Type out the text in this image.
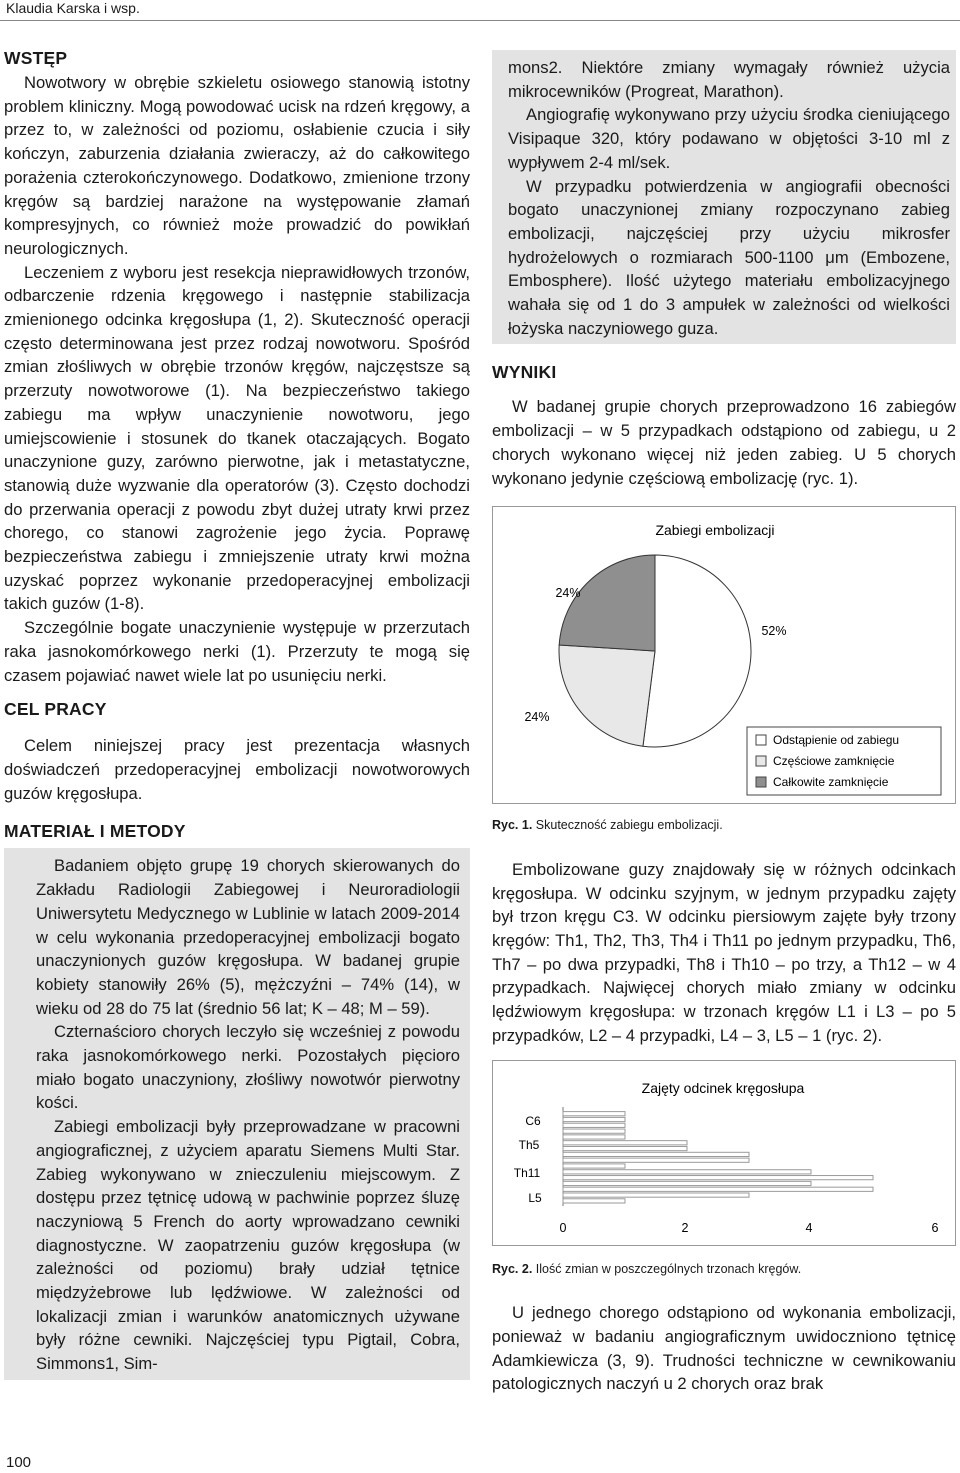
Klaudia Karska i wsp.
WSTĘP

Nowotwory w obrębie szkieletu osiowego stanowią istotny problem kliniczny. Mogą powodować ucisk na rdzeń kręgowy, a przez to, w zależności od poziomu, osłabienie czucia i siły kończyn, zaburzenia działania zwieraczy, aż do całkowitego porażenia czterokończynowego. Dodatkowo, zmienione trzony kręgów są bardziej narażone na występowanie złamań kompresyjnych, co również może prowadzić do powikłań neurologicznych.

Leczeniem z wyboru jest resekcja nieprawidłowych trzonów, odbarczenie rdzenia kręgowego i następnie stabilizacja zmienionego odcinka kręgosłupa (1, 2). Skuteczność operacji często determinowana jest przez rodzaj nowotworu. Spośród zmian złośliwych w obrębie trzonów kręgów, najczęstsze są przerzuty nowotworowe (1). Na bezpieczeństwo takiego zabiegu ma wpływ unaczynienie nowotworu, jego umiejscowienie i stosunek do tkanek otaczających. Bogato unaczynione guzy, zarówno pierwotne, jak i metastatyczne, stanowią duże wyzwanie dla operatorów (3). Często dochodzi do przerwania operacji z powodu zbyt dużej utraty krwi przez chorego, co stanowi zagrożenie jego życia. Poprawę bezpieczeństwa zabiegu i zmniejszenie utraty krwi można uzyskać poprzez wykonanie przedoperacyjnej embolizacji takich guzów (1-8).

Szczególnie bogate unaczynienie występuje w przerzutach raka jasnokomórkowego nerki (1). Przerzuty te mogą się czasem pojawiać nawet wiele lat po usunięciu nerki.

CEL PRACY

Celem niniejszej pracy jest prezentacja własnych doświadczeń przedoperacyjnej embolizacji nowotworowych guzów kręgosłupa.

MATERIAŁ I METODY

Badaniem objęto grupę 19 chorych skierowanych do Zakładu Radiologii Zabiegowej i Neuroradiologii Uniwersytetu Medycznego w Lublinie w latach 2009-2014 w celu wykonania przedoperacyjnej embolizacji bogato unaczynionych guzów kręgosłupa. W badanej grupie kobiety stanowiły 26% (5), mężczyźni – 74% (14), w wieku od 28 do 75 lat (średnio 56 lat; K – 48; M – 59).

Czternaścioro chorych leczyło się wcześniej z powodu raka jasnokomórkowego nerki. Pozostałych pięcioro miało bogato unaczyniony, złośliwy nowotwór pierwotny kości.

Zabiegi embolizacji były przeprowadzane w pracowni angiograficznej, z użyciem aparatu Siemens Multi Star. Zabieg wykonywano w znieczuleniu miejscowym. Z dostępu przez tętnicę udową w pachwinie poprzez śluzę naczyniową 5 French do aorty wprowadzano cewniki diagnostyczne. W zaopatrzeniu guzów kręgosłupa (w zależności od poziomu) brały udział tętnice międzyżebrowe lub lędźwiowe. W zależności od lokalizacji zmian i warunków anatomicznych używane były różne cewniki. Najczęściej typu Pigtail, Cobra, Simmons1, Sim-

mons2. Niektóre zmiany wymagały również użycia mikrocewników (Progreat, Marathon).

Angiografię wykonywano przy użyciu środka cieniującego Visipaque 320, który podawano w objętości 3-10 ml z wypływem 2-4 ml/sek.

W przypadku potwierdzenia w angiografii obecności bogato unaczynionej zmiany rozpoczynano zabieg embolizacji, najczęściej przy użyciu mikrosfer hydrożelowych o rozmiarach 500-1100 μm (Embozene, Embosphere). Ilość użytego materiału embolizacyjnego wahała się od 1 do 3 ampułek w zależności od wielkości łożyska naczyniowego guza.

WYNIKI

W badanej grupie chorych przeprowadzono 16 zabiegów embolizacji – w 5 przypadkach odstąpiono od zabiegu, u 2 chorych wykonano więcej niż jeden zabieg. U 5 chorych wykonano jedynie częściową embolizację (ryc. 1).

Zabiegi embolizacji
24%
52%
24%
Odstąpienie od zabiegu
Częściowe zamknięcie
Całkowite zamknięcie

Ryc. 1. Skuteczność zabiegu embolizacji.

Embolizowane guzy znajdowały się w różnych odcinkach kręgosłupa. W odcinku szyjnym, w jednym przypadku zajęty był trzon kręgu C3. W odcinku piersiowym zajęte były trzony kręgów: Th1, Th2, Th3, Th4 i Th11 po jednym przypadku, Th6, Th7 – po dwa przypadki, Th8 i Th10 – po trzy, a Th12 – w 4 przypadkach. Najwięcej chorych miało zmiany w odcinku lędźwiowym kręgosłupa: w trzonach kręgów L1 i L3 – po 5 przypadków, L2 – 4 przypadki, L4 – 3, L5 – 1 (ryc. 2).

Zajęty odcinek kręgosłupa
C6
Th5
Th11
L5
0	2	4	6

Ryc. 2. Ilość zmian w poszczególnych trzonach kręgów.

U jednego chorego odstąpiono od wykonania embolizacji, ponieważ w badaniu angiograficznym uwidoczniono tętnicę Adamkiewicza (3, 9). Trudności techniczne w cewnikowaniu patologicznych naczyń u 2 chorych oraz brak

100
